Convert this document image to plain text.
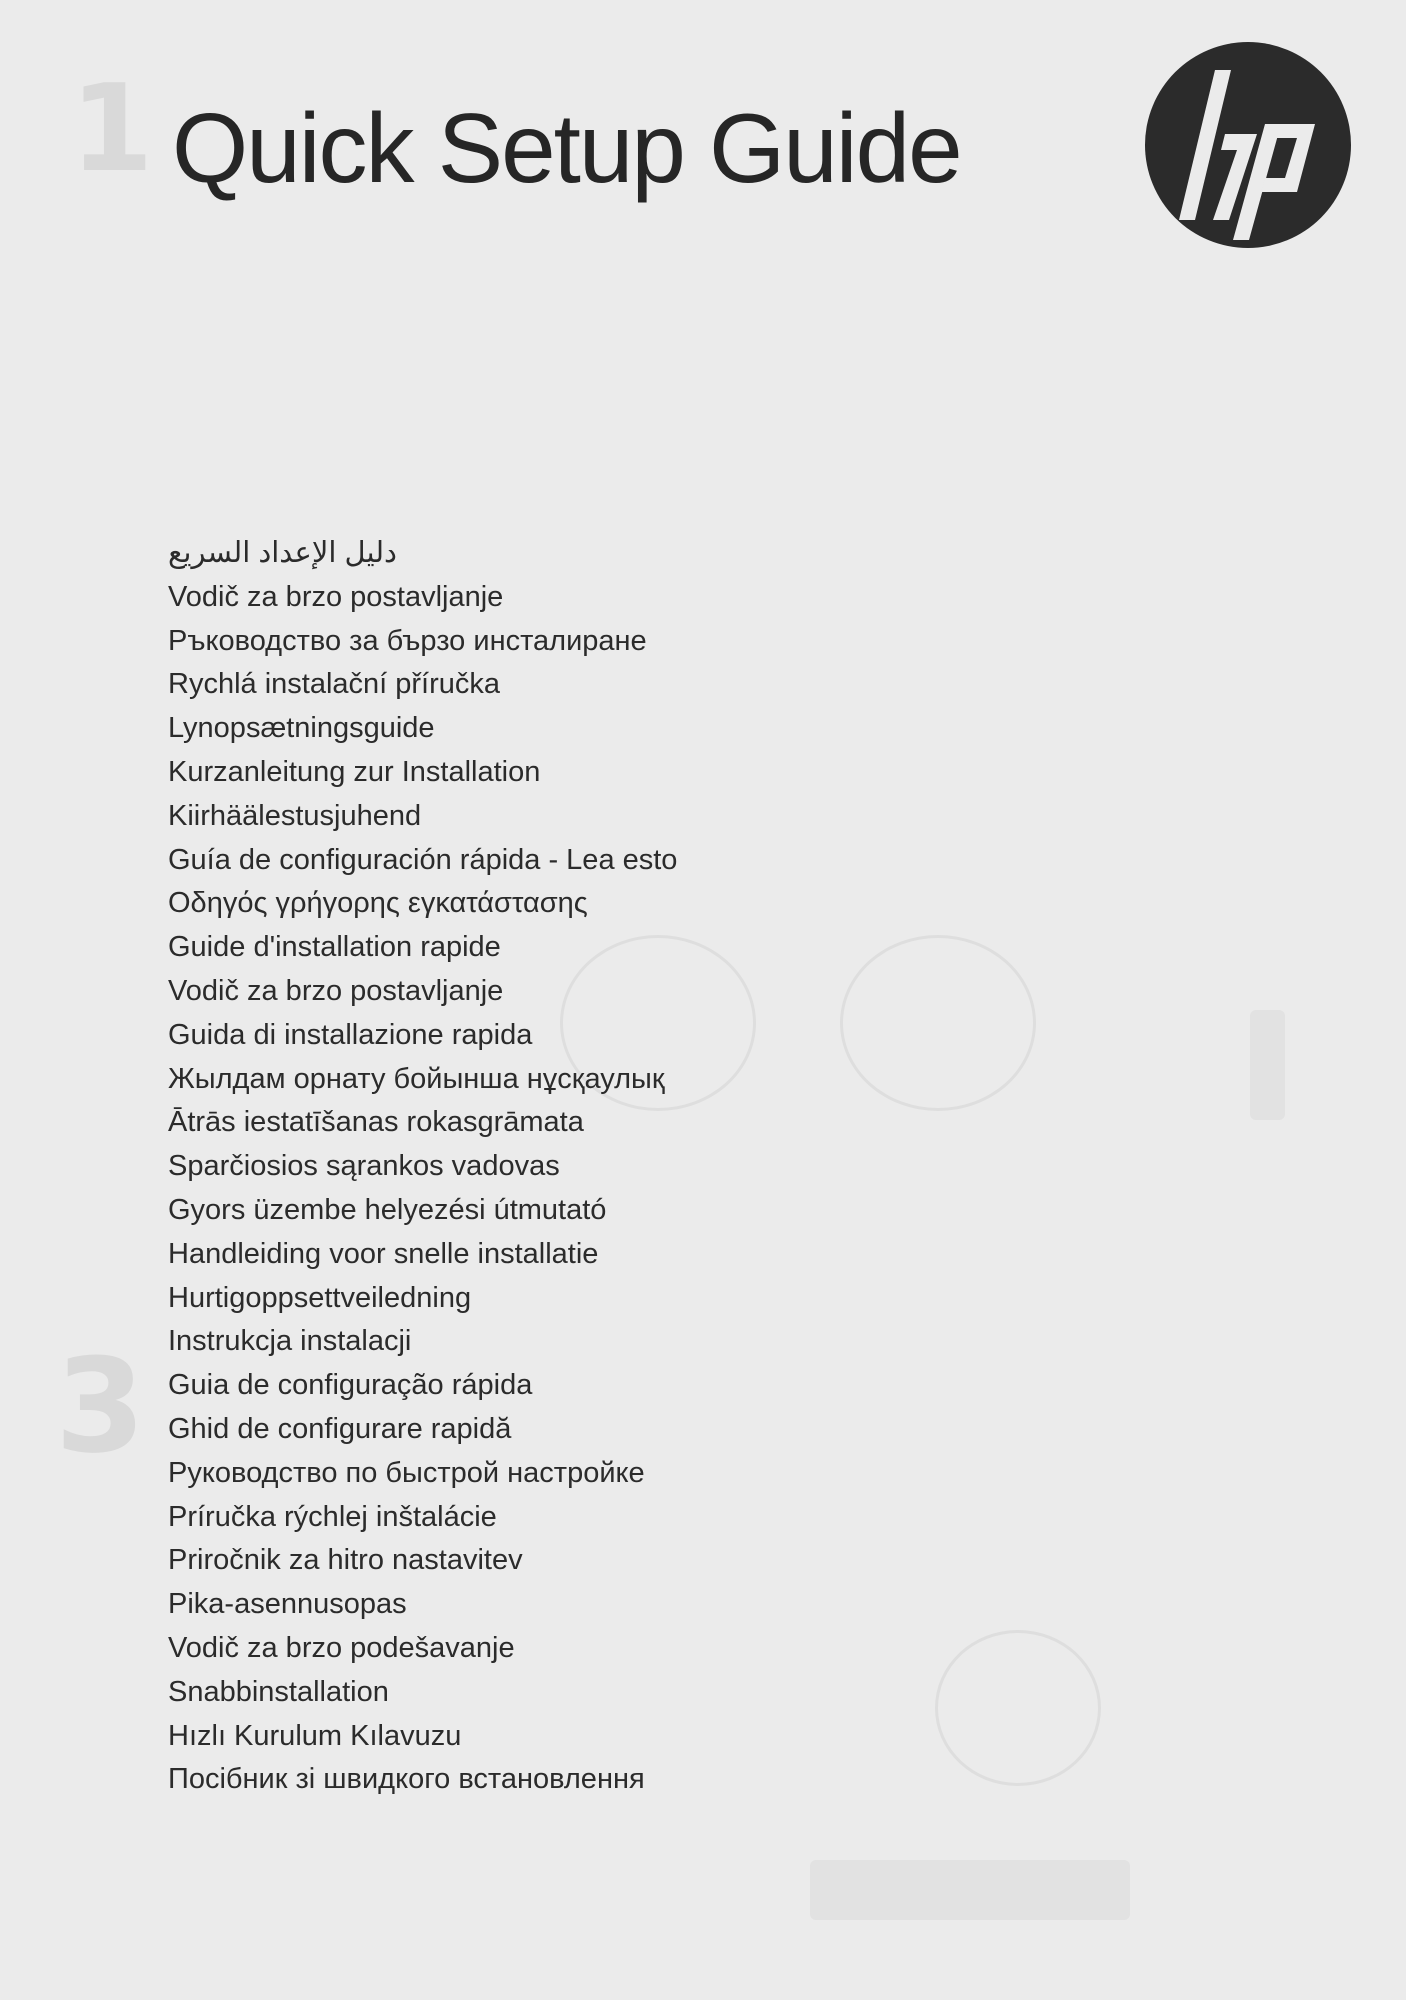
1
3
Quick Setup Guide
دليل الإعداد السريع
Vodič za brzo postavljanje
Ръководство за бързо инсталиране
Rychlá instalační příručka
Lynopsætningsguide
Kurzanleitung zur Installation
Kiirhäälestusjuhend
Guía de configuración rápida - Lea esto
Οδηγός γρήγορης εγκατάστασης
Guide d'installation rapide
Vodič za brzo postavljanje
Guida di installazione rapida
Жылдам орнату бойынша нұсқаулық
Ātrās iestatīšanas rokasgrāmata
Sparčiosios sąrankos vadovas
Gyors üzembe helyezési útmutató
Handleiding voor snelle installatie
Hurtigoppsettveiledning
Instrukcja instalacji
Guia de configuração rápida
Ghid de configurare rapidă
Руководство по быстрой настройке
Príručka rýchlej inštalácie
Priročnik za hitro nastavitev
Pika-asennusopas
Vodič za brzo podešavanje
Snabbinstallation
Hızlı Kurulum Kılavuzu
Посібник зі швидкого встановлення
